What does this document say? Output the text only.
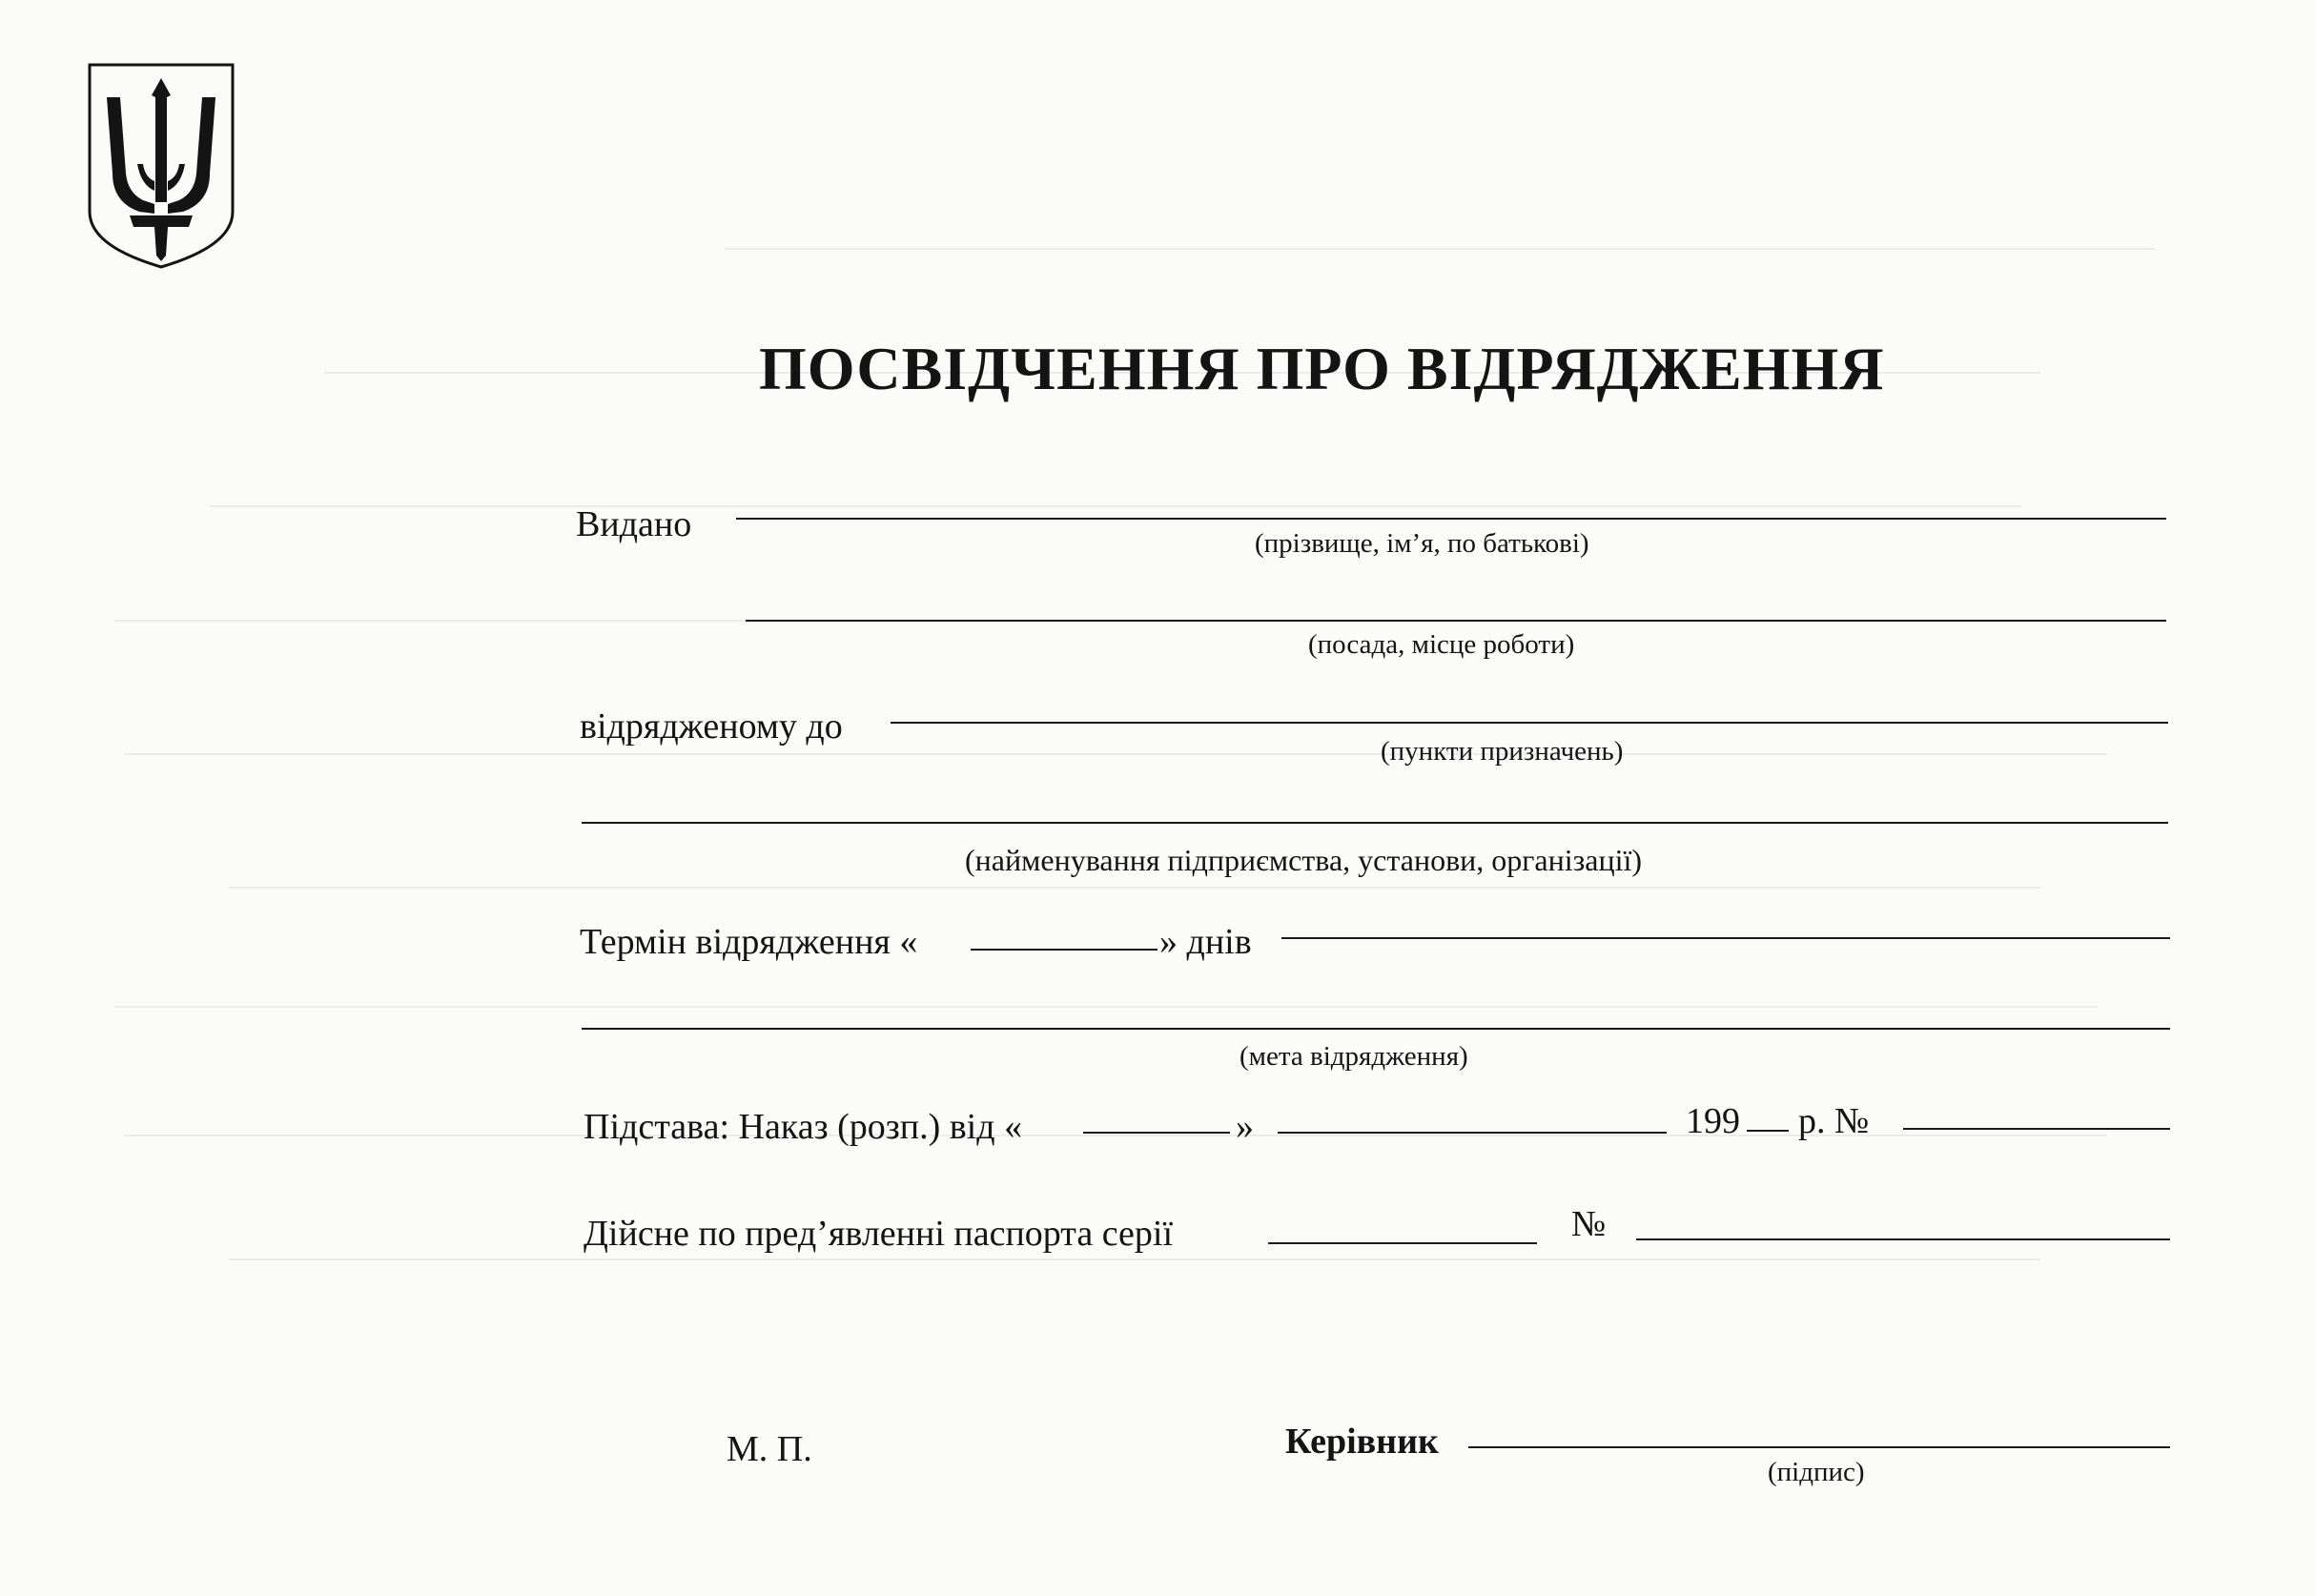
ПОСВІДЧЕННЯ ПРО ВІДРЯДЖЕННЯ
Видано	(прізвище, ім’я, по батькові)
(посада, місце роботи)
відрядженому до
(пункти призначень)
(найменування підприємства, установи, організації)
Термін відрядження «	» днів
(мета відрядження)
Підстава: Наказ (розп.) від «	»	199 р. №
Дійсне по пред’явленні паспорта серії	№
М. П.	Керівник
(підпис)
